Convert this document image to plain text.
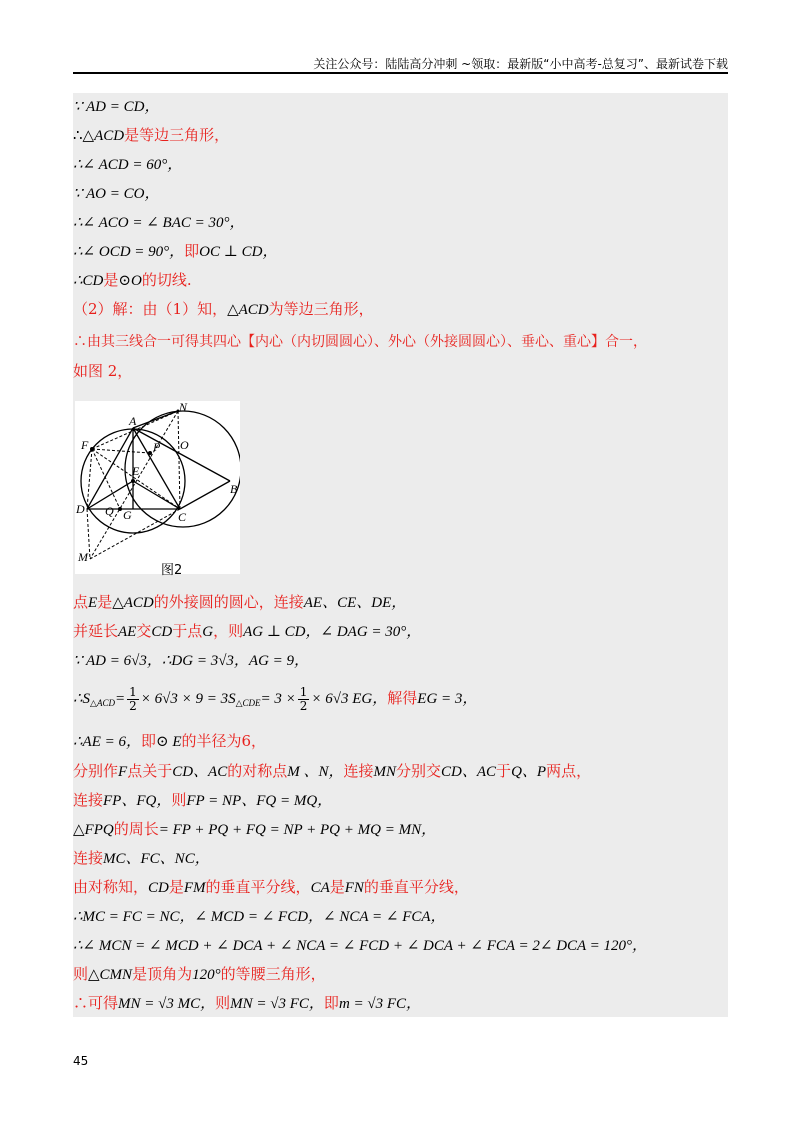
关注公众号：陆陆高分冲刺 ~领取：最新版“小中高考-总复习”、最新试卷下载
∵ AD = CD，
∴△ACD是等边三角形，
∴∠ ACD = 60°，
∵ AO = CO，
∴∠ ACO = ∠ BAC = 30°，
∴∠ OCD = 90°，即OC ⊥ CD，
∴CD是⊙O的切线.
（2）解：由（1）知，△ACD为等边三角形，
∴由其三线合一可得其四心【内心（内切圆圆心）、外心（外接圆圆心）、垂心、重心】合一，
如图 2，
A
N
F	P O
E
B
D Q G	C
M
图2
点E是△ACD的外接圆的圆心，连接AE、CE、DE，
并延长AE交CD于点G，则AG ⊥ CD，∠ DAG = 30°，
∵ AD = 6√3，∴DG = 3√3，AG = 9，
$\therefore S_{\triangle ACD}= \frac{1}{2} \times 6√3 \times 9 = 3S_{\triangle CDE}= 3 \times \frac{1}{2} \times 6√3$ EG，解得EG = 3，
∴AE = 6，即⊙ E的半径为6，
分别作F点关于CD、AC的对称点M 、N，连接MN分别交CD、AC于Q、P两点，
连接FP、FQ，则FP = NP、FQ = MQ，
△FPQ的周长= FP + PQ + FQ = NP + PQ + MQ = MN，
连接MC、FC、NC，
由对称知，CD是FM的垂直平分线，CA是FN的垂直平分线，
∴MC = FC = NC，∠ MCD = ∠ FCD，∠ NCA = ∠ FCA，
∴∠ MCN = ∠ MCD + ∠ DCA + ∠ NCA = ∠ FCD + ∠ DCA + ∠ FCA = 2∠ DCA = 120°，
则△CMN是顶角为120°的等腰三角形，
∴可得MN = √3 MC，则MN = √3 FC，即m = √3 FC，
45
